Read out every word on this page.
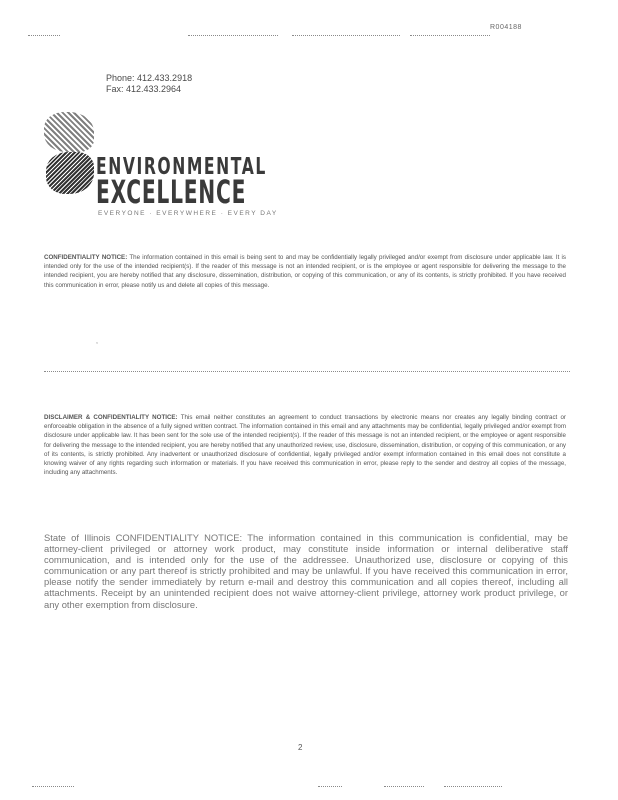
R004188
Phone: 412.433.2918
Fax: 412.433.2964
ENVIRONMENTAL
EXCELLENCE
EVERYONE · EVERYWHERE · EVERY DAY
CONFIDENTIALITY NOTICE: The information contained in this email is being sent to and may be confidentially legally privileged and/or exempt from disclosure under applicable law. It is intended only for the use of the intended recipient(s). If the reader of this message is not an intended recipient, or is the employee or agent responsible for delivering the message to the intended recipient, you are hereby notified that any disclosure, dissemination, distribution, or copying of this communication, or any of its contents, is strictly prohibited. If you have received this communication in error, please notify us and delete all copies of this message.
,
DISCLAIMER & CONFIDENTIALITY NOTICE: This email neither constitutes an agreement to conduct transactions by electronic means nor creates any legally binding contract or enforceable obligation in the absence of a fully signed written contract. The information contained in this email and any attachments may be confidential, legally privileged and/or exempt from disclosure under applicable law. It has been sent for the sole use of the intended recipient(s). If the reader of this message is not an intended recipient, or the employee or agent responsible for delivering the message to the intended recipient, you are hereby notified that any unauthorized review, use, disclosure, dissemination, distribution, or copying of this communication, or any of its contents, is strictly prohibited. Any inadvertent or unauthorized disclosure of confidential, legally privileged and/or exempt information contained in this email does not constitute a knowing waiver of any rights regarding such information or materials. If you have received this communication in error, please reply to the sender and destroy all copies of the message, including any attachments.
State of Illinois CONFIDENTIALITY NOTICE: The information contained in this communication is confidential, may be attorney-client privileged or attorney work product, may constitute inside information or internal deliberative staff communication, and is intended only for the use of the addressee. Unauthorized use, disclosure or copying of this communication or any part thereof is strictly prohibited and may be unlawful. If you have received this communication in error, please notify the sender immediately by return e-mail and destroy this communication and all copies thereof, including all attachments. Receipt by an unintended recipient does not waive attorney-client privilege, attorney work product privilege, or any other exemption from disclosure.
2
